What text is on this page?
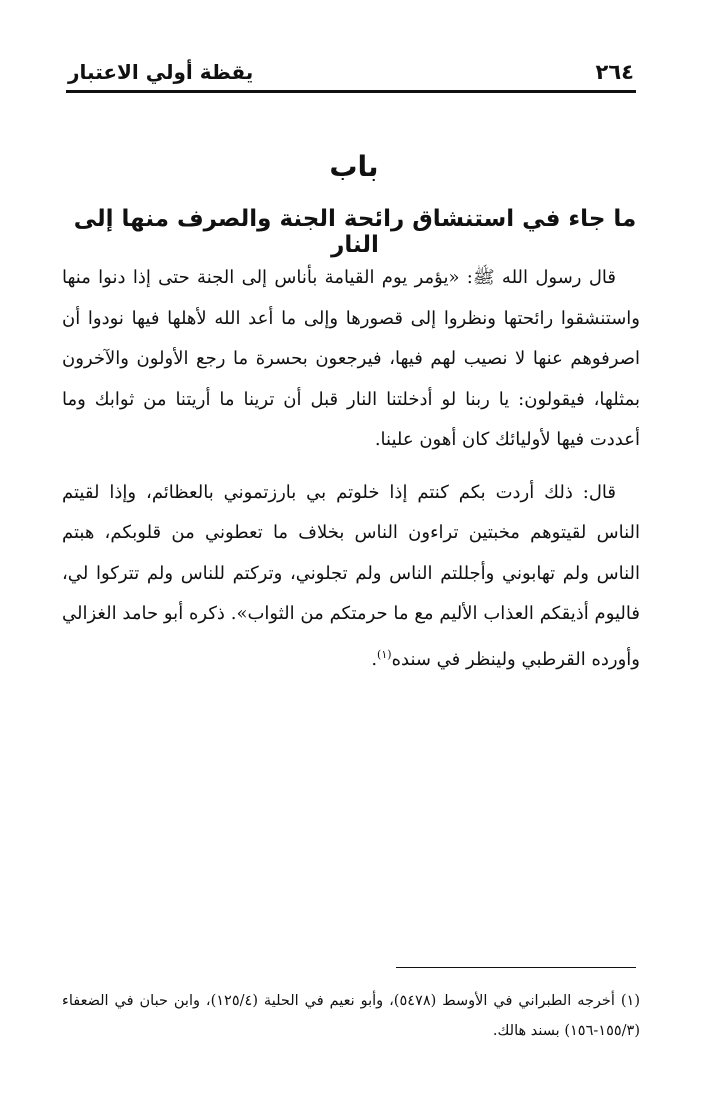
٢٦٤
يقظة أولي الاعتبار
باب
ما جاء في استنشاق رائحة الجنة والصرف منها إلى النار

قال رسول الله ﷺ: «يؤمر يوم القيامة بأناس إلى الجنة حتى إذا دنوا منها واستنشقوا رائحتها ونظروا إلى قصورها وإلى ما أعد الله لأهلها فيها نودوا أن اصرفوهم عنها لا نصيب لهم فيها، فيرجعون بحسرة ما رجع الأولون والآخرون بمثلها، فيقولون: يا ربنا لو أدخلتنا النار قبل أن ترينا ما أريتنا من ثوابك وما أعددت فيها لأوليائك كان أهون علينا.

قال: ذلك أردت بكم كنتم إذا خلوتم بي بارزتموني بالعظائم، وإذا لقيتم الناس لقيتوهم مخبتين تراءون الناس بخلاف ما تعطوني من قلوبكم، هبتم الناس ولم تهابوني وأجللتم الناس ولم تجلوني، وتركتم للناس ولم تتركوا لي، فاليوم أذيقكم العذاب الأليم مع ما حرمتكم من الثواب». ذكره أبو حامد الغزالي وأورده القرطبي ولينظر في سنده$^{(١)}$.

(١) أخرجه الطبراني في الأوسط (٥٤٧٨)، وأبو نعيم في الحلية (١٢٥/٤)، وابن حبان في الضعفاء (١٥٥/٣-١٥٦) بسند هالك.
